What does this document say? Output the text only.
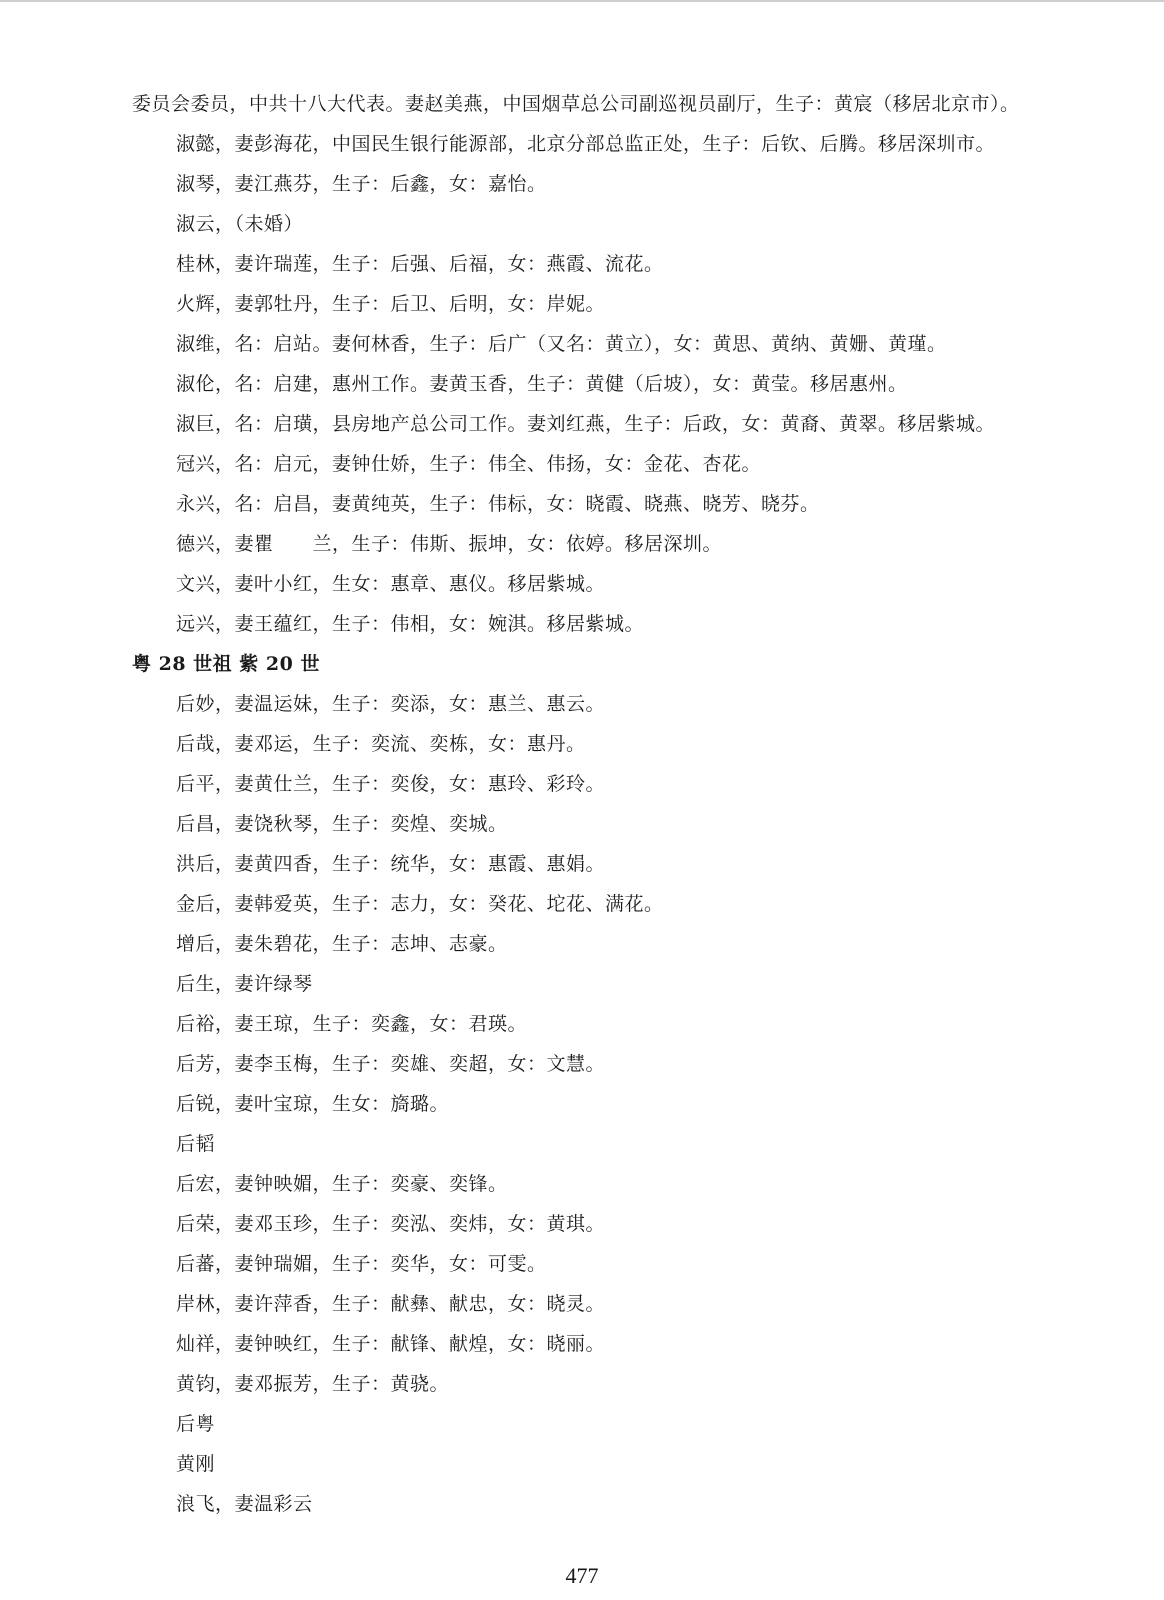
委员会委员，中共十八大代表。妻赵美燕，中国烟草总公司副巡视员副厅，生子：黄宸（移居北京市）。
淑懿，妻彭海花，中国民生银行能源部，北京分部总监正处，生子：后钦、后腾。移居深圳市。
淑琴，妻江燕芬，生子：后鑫，女：嘉怡。
淑云，（未婚）
桂林，妻许瑞莲，生子：后强、后福，女：燕霞、流花。
火辉，妻郭牡丹，生子：后卫、后明，女：岸妮。
淑维，名：启站。妻何林香，生子：后广（又名：黄立），女：黄思、黄纳、黄姗、黄瑾。
淑伦，名：启建，惠州工作。妻黄玉香，生子：黄健（后坡），女：黄莹。移居惠州。
淑巨，名：启璜，县房地产总公司工作。妻刘红燕，生子：后政，女：黄裔、黄翠。移居紫城。
冠兴，名：启元，妻钟仕娇，生子：伟全、伟扬，女：金花、杏花。
永兴，名：启昌，妻黄纯英，生子：伟标，女：晓霞、晓燕、晓芳、晓芬。
德兴，妻瞿　　兰，生子：伟斯、振坤，女：依婷。移居深圳。
文兴，妻叶小红，生女：惠章、惠仪。移居紫城。
远兴，妻王蕴红，生子：伟相，女：婉淇。移居紫城。
粤 28 世祖 紫 20 世
后妙，妻温运妹，生子：奕添，女：惠兰、惠云。
后哉，妻邓运，生子：奕流、奕栋，女：惠丹。
后平，妻黄仕兰，生子：奕俊，女：惠玲、彩玲。
后昌，妻饶秋琴，生子：奕煌、奕城。
洪后，妻黄四香，生子：统华，女：惠霞、惠娟。
金后，妻韩爱英，生子：志力，女：癸花、坨花、满花。
增后，妻朱碧花，生子：志坤、志豪。
后生，妻许绿琴
后裕，妻王琼，生子：奕鑫，女：君瑛。
后芳，妻李玉梅，生子：奕雄、奕超，女：文慧。
后锐，妻叶宝琼，生女：旖璐。
后韬
后宏，妻钟映媚，生子：奕豪、奕锋。
后荣，妻邓玉珍，生子：奕泓、奕炜，女：黄琪。
后蕃，妻钟瑞媚，生子：奕华，女：可雯。
岸林，妻许萍香，生子：献彝、献忠，女：晓灵。
灿祥，妻钟映红，生子：献锋、献煌，女：晓丽。
黄钧，妻邓振芳，生子：黄骁。
后粤
黄刚
浪飞，妻温彩云
477
